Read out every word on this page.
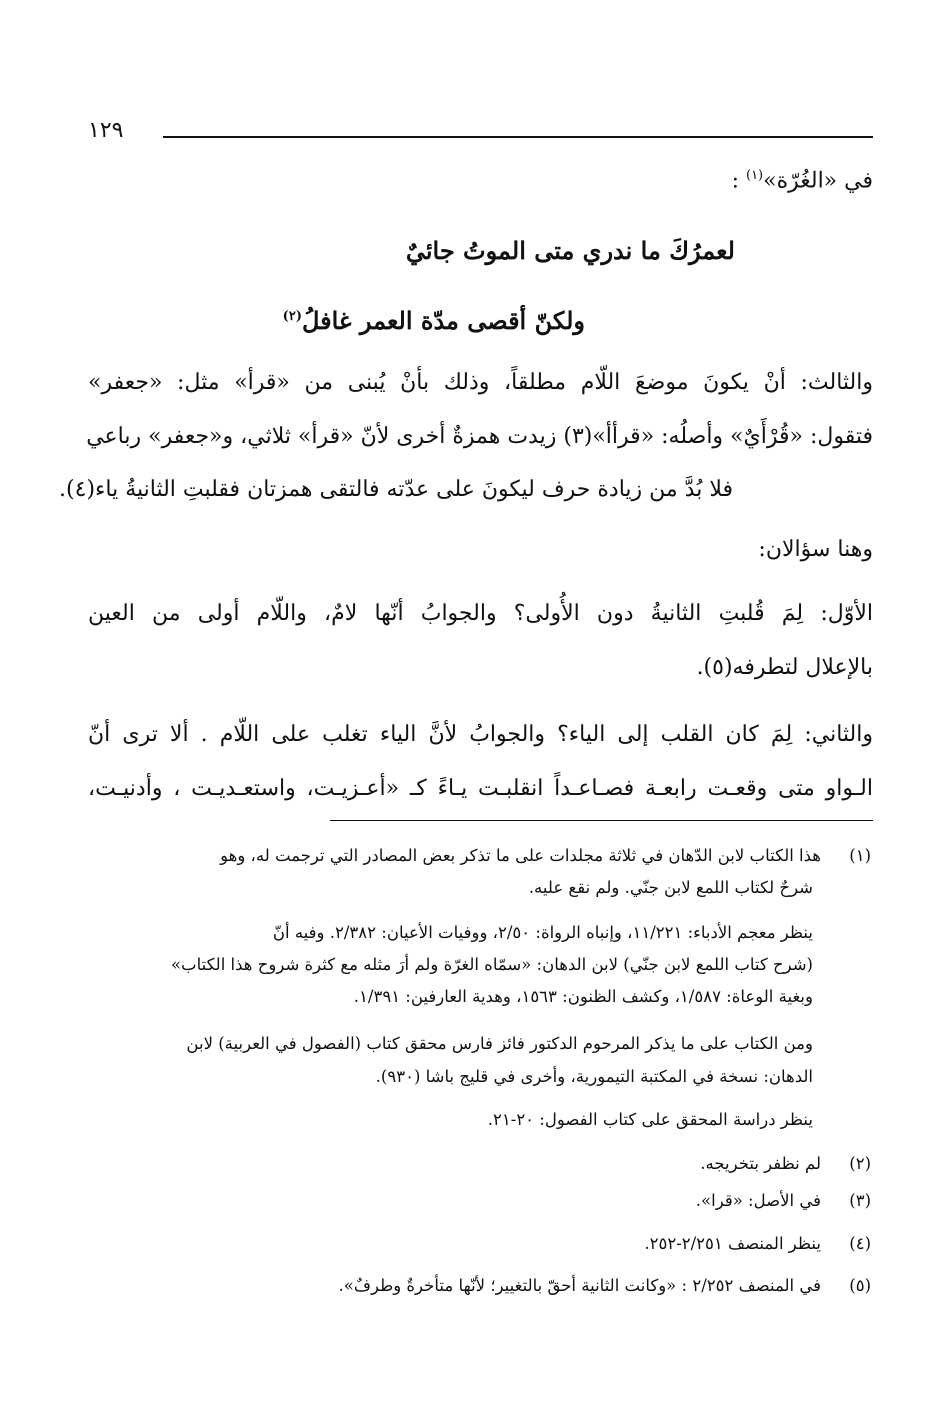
١٢٩
في «الغُرّة»$^{(١)}$ :
لعمرُكَ ما ندري متى الموتُ جائيٌ
ولكنّ أقصى مدّة العمر غافلُ$^{(٢)}$
والثالث: أنْ يكونَ موضعَ اللّام مطلقاً، وذلك بأنْ يُبنى من «قرأ» مثل: «جعفر»
فتقول: «قُرْأَيٌ» وأصلُه: «قرأأ»(٣) زيدت همزةٌ أخرى لأنّ «قرأ» ثلاثي، و«جعفر» رباعي
فلا بُدَّ من زيادة حرف ليكونَ على عدّته فالتقى همزتان فقلبتِ الثانيةُ ياء(٤).
وهنا سؤالان:
الأوّل: لِمَ قُلبتِ الثانيةُ دون الأُولى؟ والجوابُ أنّها لامٌ، واللّام أولى من العين
بالإعلال لتطرفه(٥).
والثاني: لِمَ كان القلب إلى الياء؟ والجوابُ لأنَّ الياء تغلب على اللّام . ألا ترى أنّ
الـواو متى وقعـت رابعـة فصـاعـداً انقلبـت يـاءً كـ «أعـزيـت، واستعـديـت ، وأدنيـت،
(١)هذا الكتاب لابن الدّهان في ثلاثة مجلدات على ما تذكر بعض المصادر التي ترجمت له، وهو
شرحٌ لكتاب اللمع لابن جنّي. ولم نقع عليه.
ينظر معجم الأدباء: ١١/٢٢١، وإنباه الرواة: ٢/٥٠، ووفيات الأعيان: ٢/٣٨٢. وفيه أنّ
(شرح كتاب اللمع لابن جنّي) لابن الدهان: «سمّاه الغرّة ولم أرَ مثله مع كثرة شروح هذا الكتاب»
وبغية الوعاة: ١/٥٨٧، وكشف الظنون: ١٥٦٣، وهدية العارفين: ١/٣٩١.
ومن الكتاب على ما يذكر المرحوم الدكتور فائز فارس محقق كتاب (الفصول في العربية) لابن
الدهان: نسخة في المكتبة التيمورية، وأخرى في قليج باشا (٩٣٠).
ينظر دراسة المحقق على كتاب الفصول: ٢٠-٢١.
(٢)لم نظفر بتخريجه.
(٣)في الأصل: «قرا».
(٤)ينظر المنصف ٢/٢٥١-٢٥٢.
(٥)في المنصف ٢/٢٥٢ : «وكانت الثانية أحقّ بالتغيير؛ لأنّها متأخرةٌ وطرفٌ».
